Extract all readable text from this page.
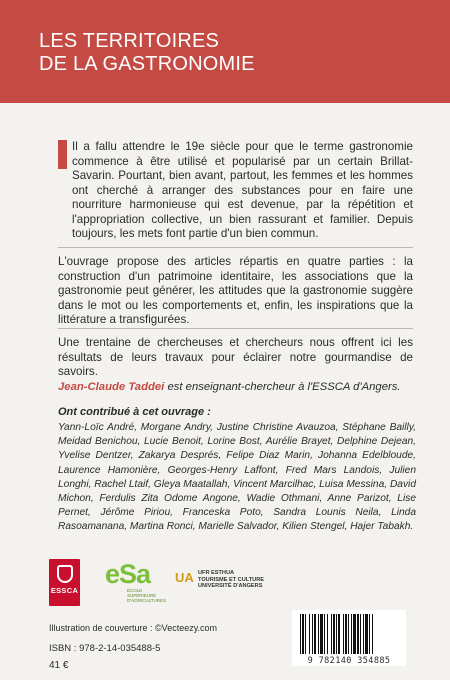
LES TERRITOIRES
DE LA GASTRONOMIE

Il a fallu attendre le 19e siècle pour que le terme gastronomie commence à être utilisé et popularisé par un certain Brillat-Savarin. Pourtant, bien avant, partout, les femmes et les hommes ont cherché à arranger des substances pour en faire une nourriture harmonieuse qui est devenue, par la répétition et l'appropriation collective, un bien rassurant et familier. Depuis toujours, les mets font partie d'un bien commun.

L'ouvrage propose des articles répartis en quatre parties : la construction d'un patrimoine identitaire, les associations que la gastronomie peut générer, les attitudes que la gastronomie suggère dans le mot ou les comportements et, enfin, les inspirations que la littérature a transfigurées.

Une trentaine de chercheuses et chercheurs nous offrent ici les résultats de leurs travaux pour éclairer notre gourmandise de savoirs.

Jean-Claude Taddei est enseignant-chercheur à l'ESSCA d'Angers.
Ont contribué à cet ouvrage :
Yann-Loïc André, Morgane Andry, Justine Christine Avauzoa, Stéphane Bailly, Meidad Benichou, Lucie Benoit, Lorine Bost, Aurélie Brayet, Delphine Dejean, Yvelise Dentzer, Zakarya Després, Felipe Diaz Marin, Johanna Edelbloude, Laurence Hamonière, Georges-Henry Laffont, Fred Mars Landois, Julien Longhi, Rachel Ltaif, Gleya Maatallah, Vincent Marcilhac, Luisa Messina, David Michon, Ferdulis Zita Odome Angone, Wadie Othmani, Anne Parizot, Lise Pernet, Jérôme Piriou, Franceska Poto, Sandra Lounis Neila, Linda Rasoamanana, Martina Ronci, Marielle Salvador, Kilien Stengel, Hajer Tabakh.
ESSCA
eSa
ÉCOLE SUPÉRIEURE D'AGRICULTURES
UA UFR ESTHUA
TOURISME ET CULTURE
UNIVERSITÉ D'ANGERS
Illustration de couverture : ©Vecteezy.com
ISBN : 978-2-14-035488-5
41 €	9 782140 354885
